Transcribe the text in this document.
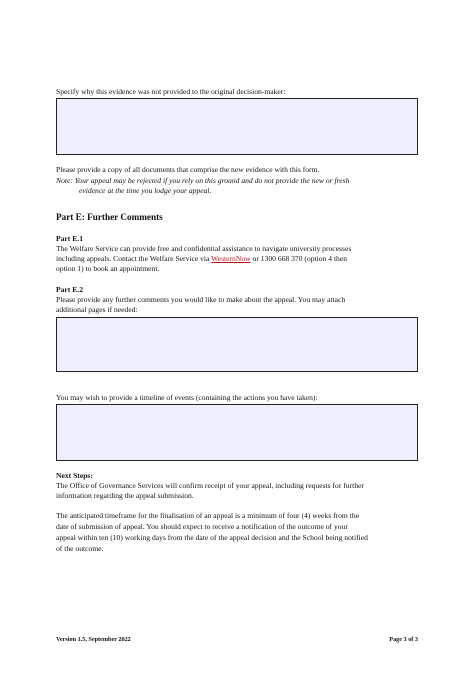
Specify why this evidence was not provided to the original decision-maker:
Please provide a copy of all documents that comprise the new evidence with this form.
Note: Your appeal may be rejected if you rely on this ground and do not provide the new or fresh
evidence at the time you lodge your appeal.
Part E: Further Comments
Part E.1
The Welfare Service can provide free and confidential assistance to navigate university processes
including appeals. Contact the Welfare Service via WesternNow or 1300 668 370 (option 4 then
option 1) to book an appointment.
Part E.2
Please provide any further comments you would like to make about the appeal. You may attach
additional pages if needed:
You may wish to provide a timeline of events (containing the actions you have taken):
Next Steps:
The Office of Governance Services will confirm receipt of your appeal, including requests for further
information regarding the appeal submission.
The anticipated timeframe for the finalisation of an appeal is a minimum of four (4) weeks from the
date of submission of appeal. You should expect to receive a notification of the outcome of your
appeal within ten (10) working days from the date of the appeal decision and the School being notified
of the outcome.
Version 1.5, September 2022	Page 3 of 3
